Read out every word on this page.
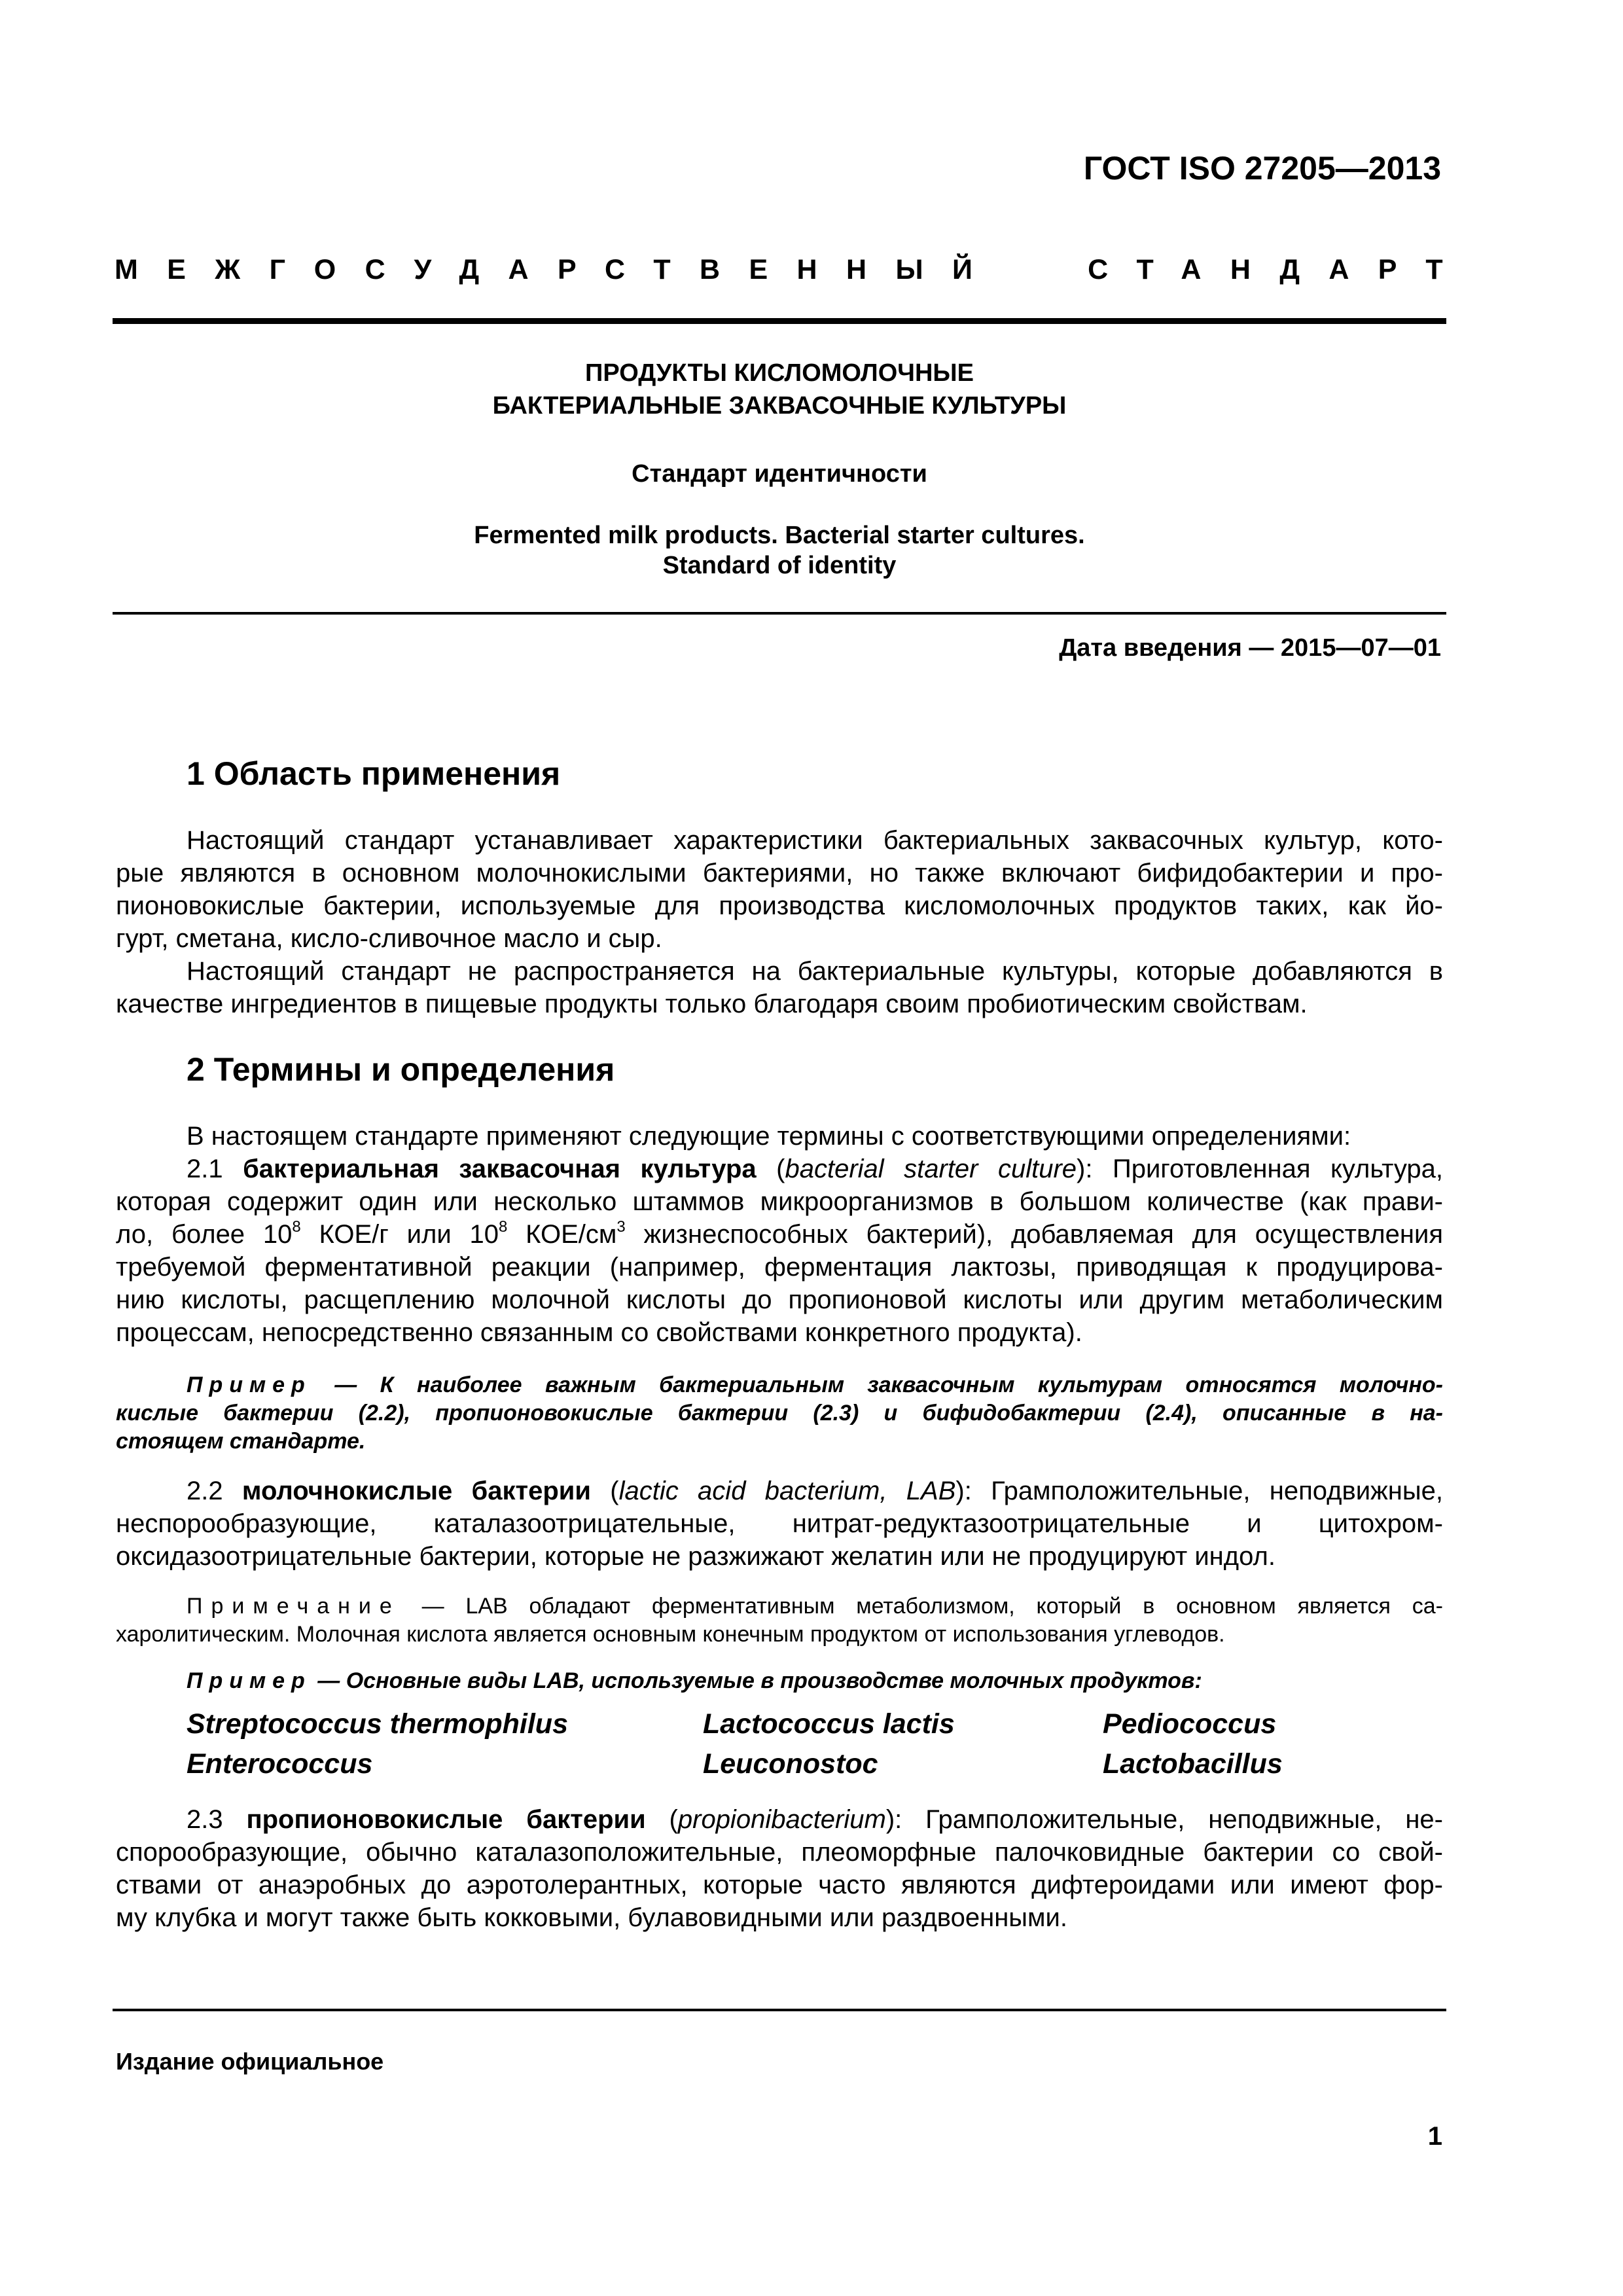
ГОСТ ISO 27205—2013
МЕЖГОСУДАРСТВЕННЫЙ	СТАНДАРТ
ПРОДУКТЫ КИСЛОМОЛОЧНЫЕ
БАКТЕРИАЛЬНЫЕ ЗАКВАСОЧНЫЕ КУЛЬТУРЫ
Стандарт идентичности
Fermented milk products. Bacterial starter cultures.
Standard of identity
Дата введения — 2015—07—01
1 Область применения
Настоящий стандарт устанавливает характеристики бактериальных заквасочных культур, кото-
рые являются в основном молочнокислыми бактериями, но также включают бифидобактерии и про-
пионовокислые бактерии, используемые для производства кисломолочных продуктов таких, как йо-
гурт, сметана, кисло-сливочное масло и сыр.
Настоящий стандарт не распространяется на бактериальные культуры, которые добавляются в
качестве ингредиентов в пищевые продукты только благодаря своим пробиотическим свойствам.
2 Термины и определения
В настоящем стандарте применяют следующие термины с соответствующими определениями:
2.1 бактериальная заквасочная культура (bacterial starter culture): Приготовленная культура,
которая содержит один или несколько штаммов микроорганизмов в большом количестве (как прави-
ло, более $10^8$ КОЕ/г или $10^8$ КОЕ/$см^3$ жизнеспособных бактерий), добавляемая для осуществления
требуемой ферментативной реакции (например, ферментация лактозы, приводящая к продуцирова-
нию кислоты, расщеплению молочной кислоты до пропионовой кислоты или другим метаболическим
процессам, непосредственно связанным со свойствами конкретного продукта).
Пример — К наиболее важным бактериальным заквасочным культурам относятся молочно-
кислые бактерии (2.2), пропионовокислые бактерии (2.3) и бифидобактерии (2.4), описанные в на-
стоящем стандарте.
2.2 молочнокислые бактерии (lactic acid bacterium, LAB): Грамположительные, неподвижные,
неспорообразующие, каталазоотрицательные, нитрат-редуктазоотрицательные и цитохром-
оксидазоотрицательные бактерии, которые не разжижают желатин или не продуцируют индол.
Примечание — LAB обладают ферментативным метаболизмом, который в основном является са-
харолитическим. Молочная кислота является основным конечным продуктом от использования углеводов.
Пример — Основные виды LAB, используемые в производстве молочных продуктов:
Streptococcus thermophilus	Lactococcus lactis	Pediococcus
Enterococcus	Leuconostoc	Lactobacillus
2.3 пропионовокислые бактерии (propionibacterium): Грамположительные, неподвижные, не-
спорообразующие, обычно каталазоположительные, плеоморфные палочковидные бактерии со свой-
ствами от анаэробных до аэротолерантных, которые часто являются дифтероидами или имеют фор-
му клубка и могут также быть кокковыми, булавовидными или раздвоенными.
Издание официальное
1
